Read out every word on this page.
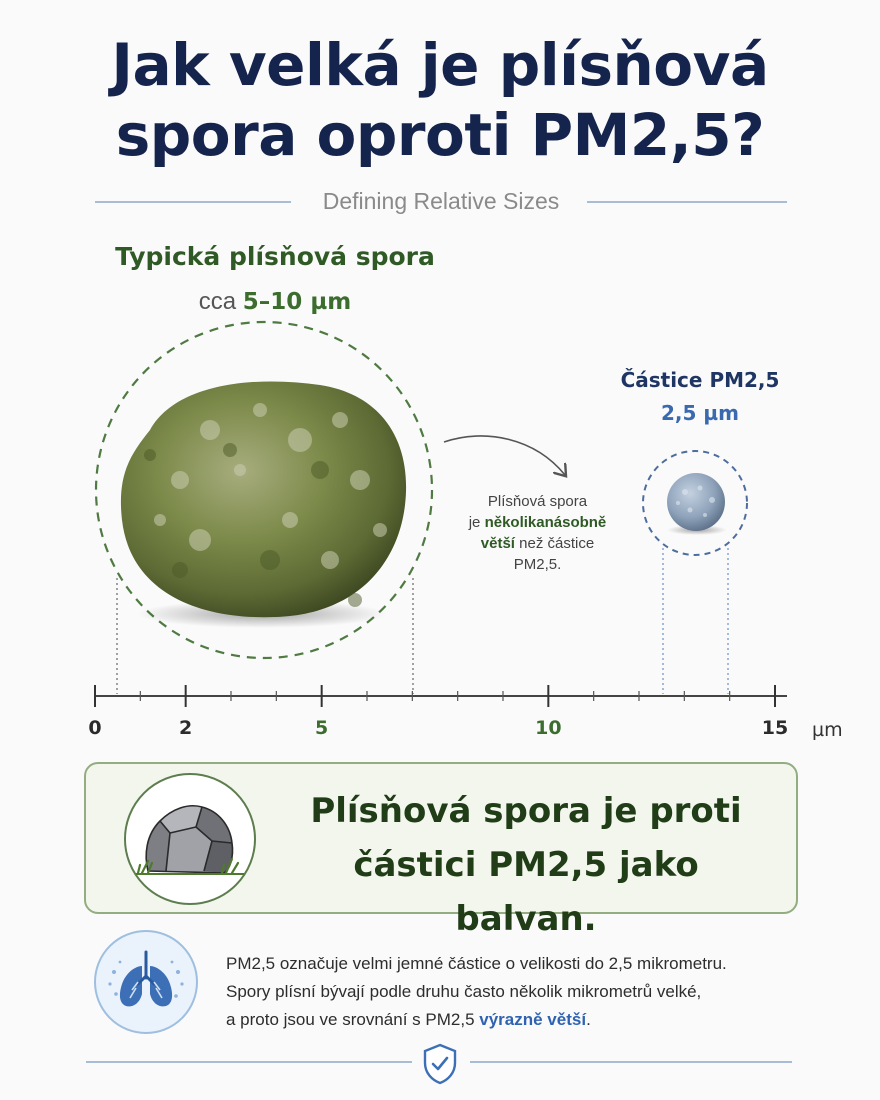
Jak velká je plísňová
spora oproti PM2,5?
Defining Relative Sizes
Typická plísňová spora
cca 5–10 µm
Částice PM2,5
2,5 µm
0	2	5	10	15 µm
Plísňová spora
je několikanásobně
větší než částice
PM2,5.
Plísňová spora je proti
částici PM2,5 jako balvan.
PM2,5 označuje velmi jemné částice o velikosti do 2,5 mikrometru.
Spory plísní bývají podle druhu často několik mikrometrů velké,
a proto jsou ve srovnání s PM2,5 výrazně větší.
